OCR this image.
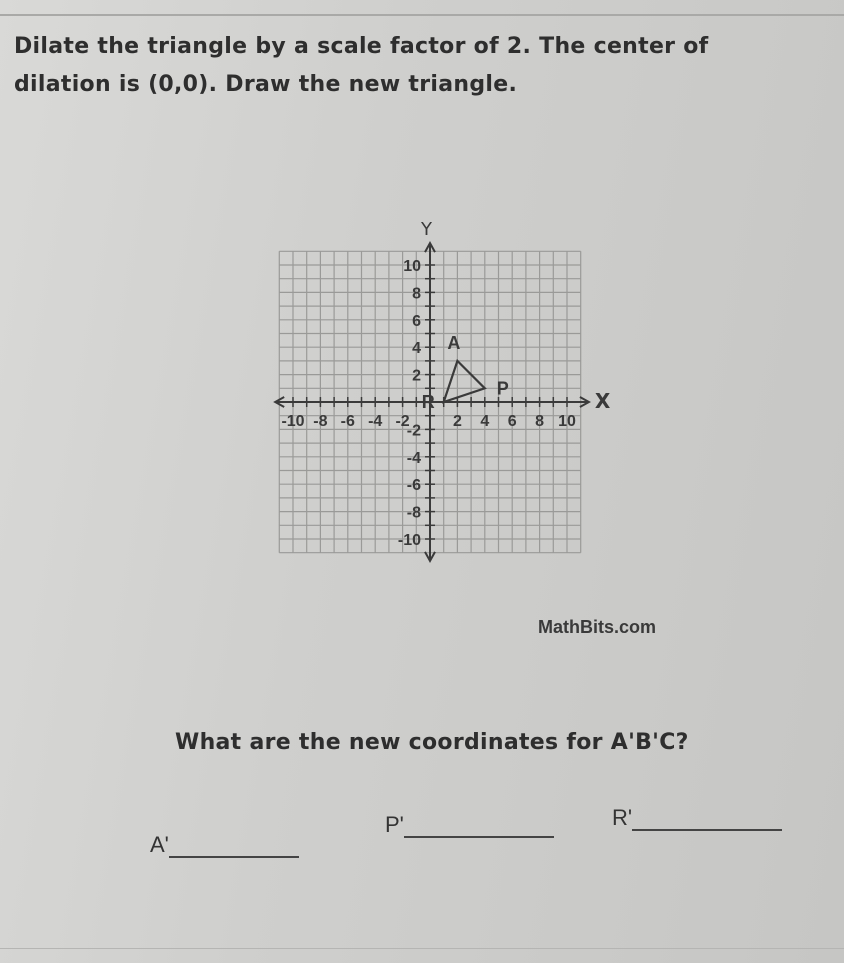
Dilate the triangle by a scale factor of 2. The center of
dilation is (0,0). Draw the new triangle.
X
Y
-10 -8 -6 -4 -2	2 4 6 8 10
10
8
6
4
2
-2
-4
-6
-8
-10
A
P
R
MathBits.com
What are the new coordinates for A'B'C?
A'
P'	R'
